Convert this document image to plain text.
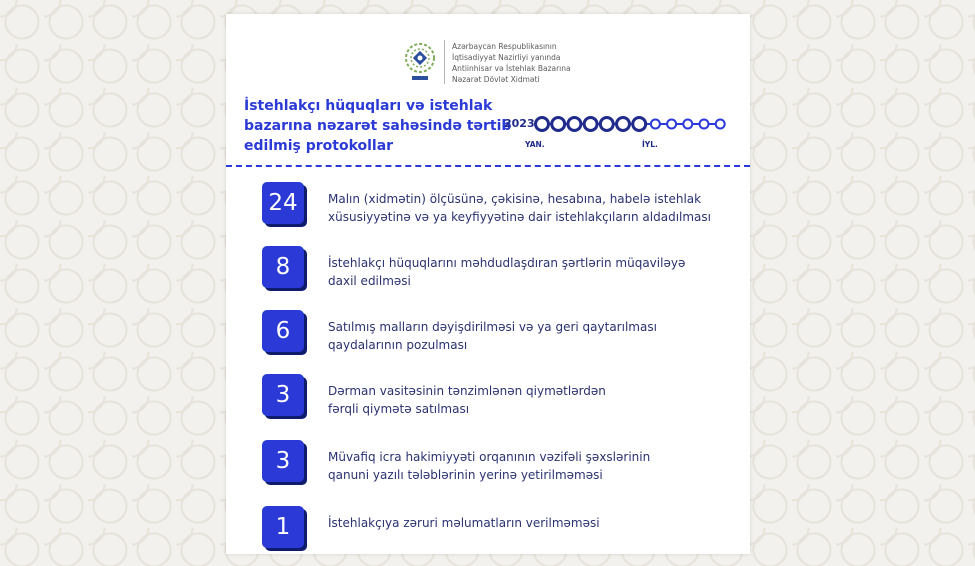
Azərbaycan Respublikasının
İqtisadiyyat Nazirliyi yanında
Antiinhisar və İstehlak Bazarına
Nəzarət Dövlət Xidməti
İstehlakçı hüquqları və istehlak
bazarına nəzarət sahəsində tərtib
edilmiş protokollar
2023
YAN.	İYL.
24	Malın (xidmətin) ölçüsünə, çəkisinə, hesabına, habelə istehlak
xüsusiyyətinə və ya keyfiyyətinə dair istehlakçıların aldadılması
8	İstehlakçı hüquqlarını məhdudlaşdıran şərtlərin müqaviləyə
daxil edilməsi
6	Satılmış malların dəyişdirilməsi və ya geri qaytarılması
qaydalarının pozulması
3	Dərman vasitəsinin tənzimlənən qiymətlərdən
fərqli qiymətə satılması
3	Müvafiq icra hakimiyyəti orqanının vəzifəli şəxslərinin
qanuni yazılı tələblərinin yerinə yetirilməməsi
1	İstehlakçıya zəruri məlumatların verilməməsi
